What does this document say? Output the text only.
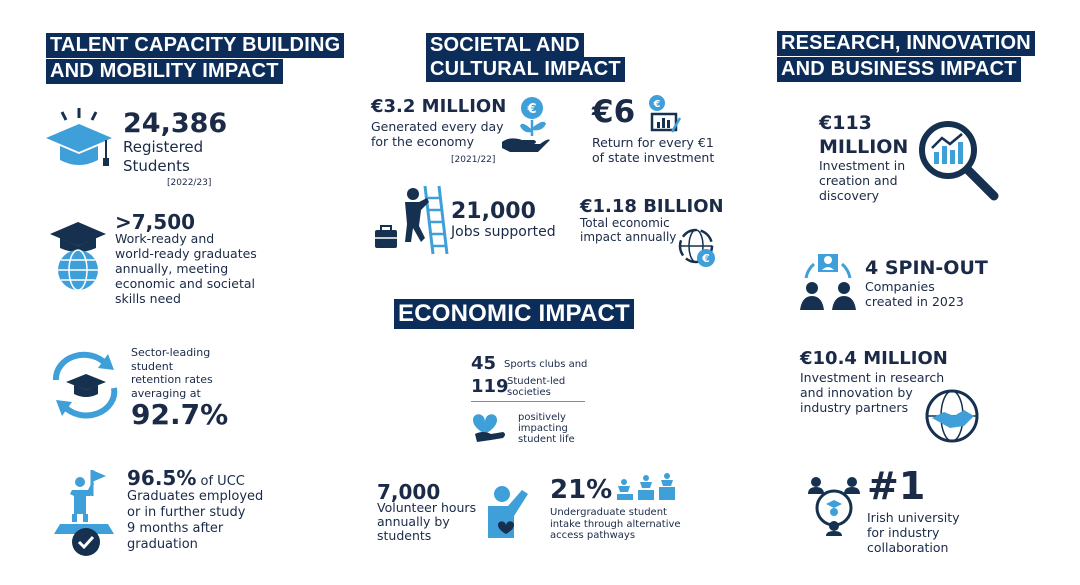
TALENT CAPACITY BUILDING
AND MOBILITY IMPACT
SOCIETAL AND
CULTURAL IMPACT
RESEARCH, INNOVATION
AND BUSINESS IMPACT
ECONOMIC IMPACT
24,386
Registered
Students
[2022/23]
>7,500
Work-ready and
world-ready graduates
annually, meeting
economic and societal
skills need
Sector-leading
student
retention rates
averaging at
92.7%
96.5% of UCC
Graduates employed
or in further study
9 months after
graduation
€3.2 MILLION
Generated every day
for the economy
[2021/22]
€ €6 €
Return for every €1
of state investment
21,000
Jobs supported
€1.18 BILLION
Total economic
impact annually
€
45 Sports clubs and
119
Student-led
societies
positively
impacting
student life
7,000
Volunteer hours
annually by
students
21%
Undergraduate student
intake through alternative
access pathways
€113
MILLION
Investment in
creation and
discovery
4 SPIN-OUT
Companies
created in 2023
€10.4 MILLION
Investment in research
and innovation by
industry partners
#1
Irish university
for industry
collaboration
